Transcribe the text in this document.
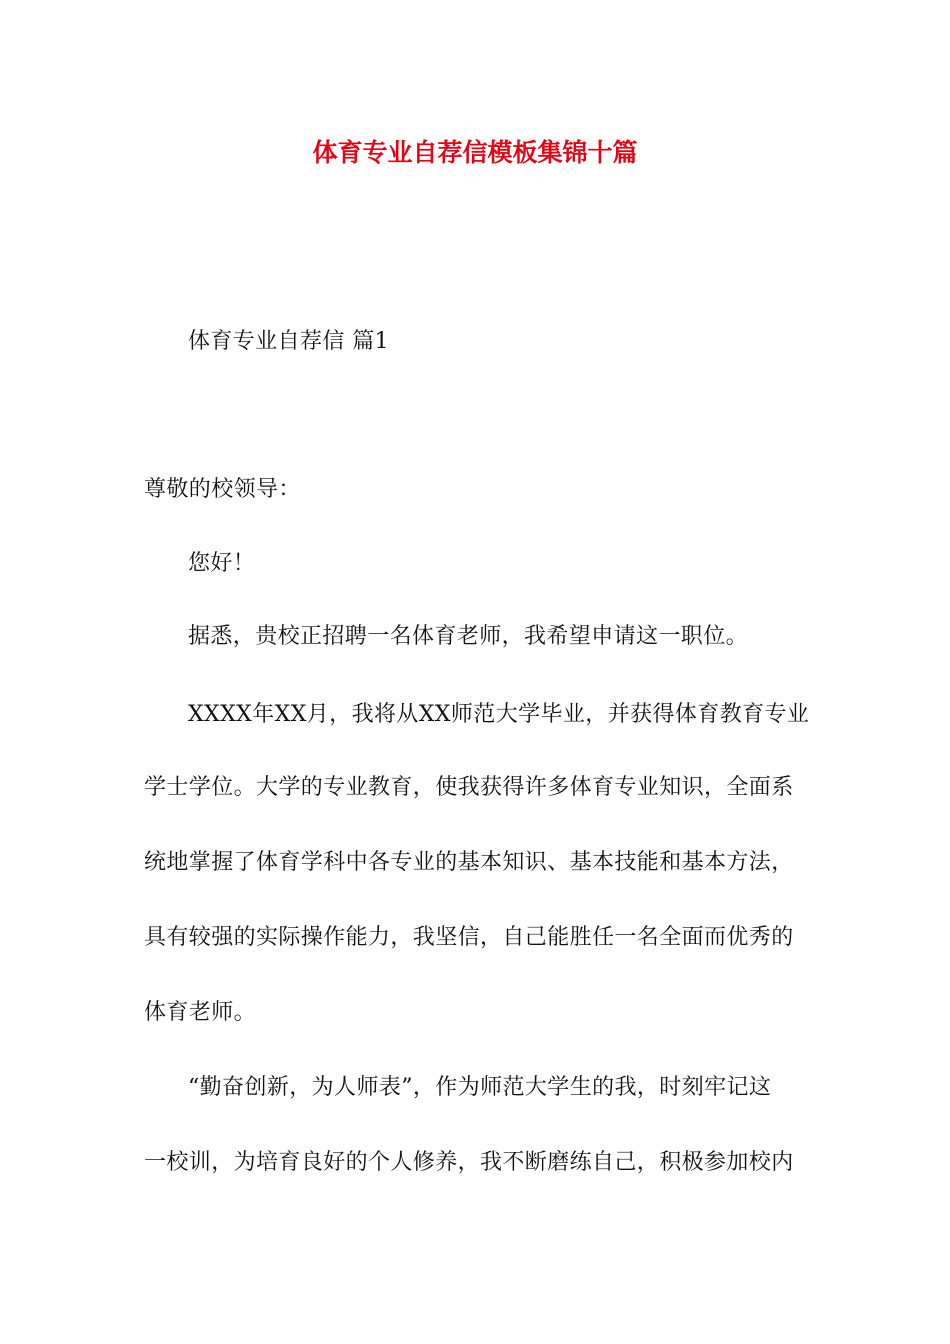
体育专业自荐信模板集锦十篇
体育专业自荐信 篇1
尊敬的校领导：
您好！
据悉，贵校正招聘一名体育老师，我希望申请这一职位。
XXXX年XX月，我将从XX师范大学毕业，并获得体育教育专业
学士学位。大学的专业教育，使我获得许多体育专业知识，全面系
统地掌握了体育学科中各专业的基本知识、基本技能和基本方法，
具有较强的实际操作能力，我坚信，自己能胜任一名全面而优秀的
体育老师。
“勤奋创新，为人师表”，作为师范大学生的我，时刻牢记这
一校训，为培育良好的个人修养，我不断磨练自己，积极参加校内
